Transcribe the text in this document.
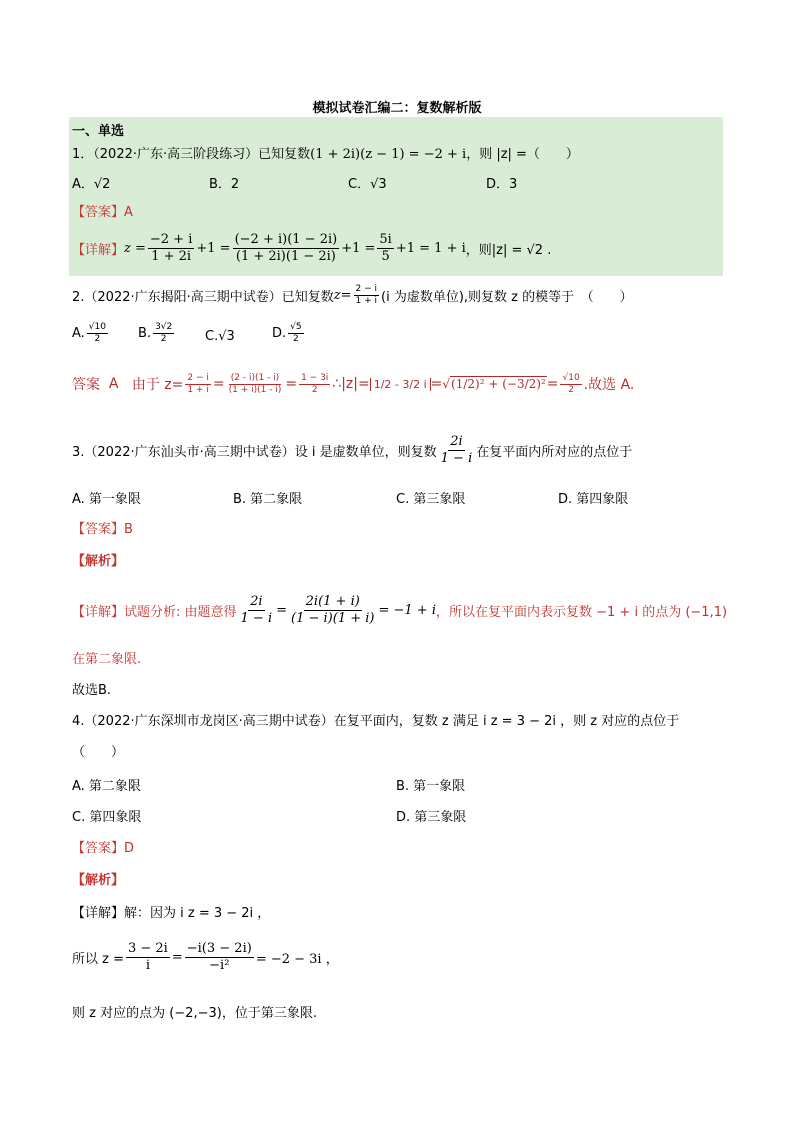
模拟试卷汇编二：复数解析版
一、单选
1．（2022·广东·高三阶段练习）已知复数(1 + 2i)(z − 1) = −2 + i，则 |z| =（　　）
A．√2	B．2	C．√3	D．3
【答案】A
【详解】 $z = \frac{-2 + i}{1 + 2i} +1 = \frac{(-2 + i)(1 - 2i)}{(1 + 2i)(1 - 2i)} +1 = \frac{5i}{5} +1 = 1 + i$ ，则|z| = √2 .
2.（2022·广东揭阳·高三期中试卷）已知复数 $z= \frac{2 - i}{1 + i} (i$ 为虚数单位),则复数 z 的模等于　（　　）
A. $\frac{√10}{2} B$. $\frac{3√2}{2} C.√3$	D. $\frac{√5}{2}$
答案
A
由于 $z= \frac{2 - i}{1 + i} = \frac{(2 - i)(1 - i)}{(1 + i)(1 - i)} = \frac{1 - 3i}{2}$ ∴|z|= 1/2 - 3/2 $i = √(1/2)^2 + (-3/2)^2 = \frac{√10}{2}$ .故选 A.
3.（2022·广东汕头市·高三期中试卷）设 i 是虚数单位，则复数 $\frac{2i}{1 - i}$ 在复平面内所对应的点位于
A. 第一象限	B. 第二象限	C. 第三象限	D. 第四象限
【答案】B
【解析】
【详解】试题分析: 由题意得 $\frac{2i}{1 - i} = \frac{2i(1 + i)}{(1 - i)(1 + i)} = -1 + i$ ，所以在复平面内表示复数 −1 + i 的点为 (−1,1)
在第二象限.
故选B.
4.（2022·广东深圳市龙岗区·高三期中试卷）在复平面内，复数 z 满足 i z = 3 − 2i ，则 z 对应的点位于
（　　）
A. 第二象限	B. 第一象限
C. 第四象限	D. 第三象限
【答案】D
【解析】
【详解】解：因为 i z = 3 − 2i ，
所以 $z = \frac{3 - 2i}{i} = \frac{-i(3 - 2i)}{\text{−i²}} = -2 - 3i$ ，
则 z 对应的点为 (−2,−3)，位于第三象限.
